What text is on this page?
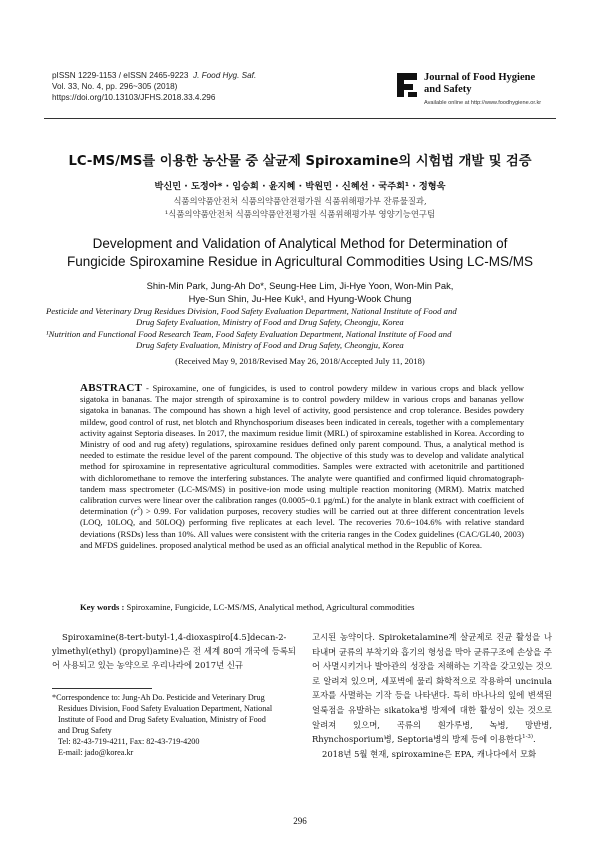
pISSN 1229-1153 / eISSN 2465-9223 J. Food Hyg. Saf.
Vol. 33, No. 4, pp. 296~305 (2018)
https://doi.org/10.13103/JFHS.2018.33.4.296
Journal of Food Hygiene
and Safety
Available online at http://www.foodhygiene.or.kr
LC-MS/MS를 이용한 농산물 중 살균제 Spiroxamine의 시험법 개발 및 검증
박신민 · 도정아* · 임승희 · 윤지혜 · 박원민 · 신혜선 · 국주희¹ · 정형욱
식품의약품안전처 식품의약품안전평가원 식품위해평가부 잔류물질과,
¹식품의약품안전처 식품의약품안전평가원 식품위해평가부 영양기능연구팀
Development and Validation of Analytical Method for Determination of
Fungicide Spiroxamine Residue in Agricultural Commodities Using LC-MS/MS
Shin-Min Park, Jung-Ah Do*, Seung-Hee Lim, Ji-Hye Yoon, Won-Min Pak,
Hye-Sun Shin, Ju-Hee Kuk¹, and Hyung-Wook Chung
Pesticide and Veterinary Drug Residues Division, Food Safety Evaluation Department, National Institute of Food and
Drug Safety Evaluation, Ministry of Food and Drug Safety, Cheongju, Korea
¹Nutrition and Functional Food Research Team, Food Safety Evaluation Department, National Institute of Food and
Drug Safety Evaluation, Ministry of Food and Drug Safety, Cheongju, Korea
(Received May 9, 2018/Revised May 26, 2018/Accepted July 11, 2018)
ABSTRACT - Spiroxamine, one of fungicides, is used to control powdery mildew in various crops and black yellow sigatoka in bananas. The major strength of spiroxamine is to control powdery mildew in various crops and bananas yellow sigatoka in bananas. The compound has shown a high level of activity, good persistence and crop tolerance. Besides powdery mildew, good control of rust, net blotch and Rhynchosporium diseases been indicated in cereals, together with a complementary activity against Septoria diseases. In 2017, the maximum residue limit (MRL) of spiroxamine established in Korea. According to Ministry of ood and rug afety) regulations, spiroxamine residues defined only parent compound. Thus, a analytical method is needed to estimate the residue level of the parent compound. The objective of this study was to develop and validate analytical method for spiroxamine in representative agricultural commodities. Samples were extracted with acetonitrile and partitioned with dichloromethane to remove the interfering substances. The analyte were quantified and confirmed liquid chromatograph-tandem mass spectrometer (LC-MS/MS) in positive-ion mode using multiple reaction monitoring (MRM). Matrix matched calibration curves were linear over the calibration ranges (0.0005~0.1 μg/mL) for the analyte in blank extract with coefficient of determination $(r^2) > 0.99$. For validation purposes, recovery studies will be carried out at three different concentration levels (LOQ, 10LOQ, and 50LOQ) performing five replicates at each level. The recoveries 70.6~104.6% with relative standard deviations (RSDs) less than 10%. All values were consistent with the criteria ranges in the Codex guidelines (CAC/GL40, 2003) and MFDS guidelines. proposed analytical method be used as an official analytical method in the Republic of Korea.
Key words : Spiroxamine, Fungicide, LC-MS/MS, Analytical method, Agricultural commodities
Spiroxamine(8-tert-butyl-1,4-dioxaspiro[4.5]decan-2-ylmethyl(ethyl) (propyl)amine)은 전 세계 80여 개국에 등록되어 사용되고 있는 농약으로 우리나라에 2017년 신규
*Correspondence to: Jung-Ah Do. Pesticide and Veterinary Drug
Residues Division, Food Safety Evaluation Department, National
Institute of Food and Drug Safety Evaluation, Ministry of Food
and Drug Safety
Tel: 82-43-719-4211, Fax: 82-43-719-4200
E-mail: jado@korea.kr
고시된 농약이다. Spiroketalamine계 살균제로 진균 활성을 나타내며 균류의 부착기와 흡기의 형성을 막아 균류구조에 손상을 주어 사멸시키거나 발아관의 성장을 저해하는 기작을 갖고있는 것으로 알려져 있으며, 세포벽에 물리 화학적으로 작용하여 uncinula포자를 사멸하는 기작 등을 나타낸다. 특히 바나나의 잎에 변색된 얼룩점을 유발하는 sikatoka병 방제에 대한 활성이 있는 것으로 알려져 있으며, 곡류의 흰가루병, 녹병, 망반병, Rhynchosporium병, Septoria병의 방제 등에 이용한다$^{1-3)}$.
2018년 5월 현재, spiroxamine은 EPA, 캐나다에서 모화
296
